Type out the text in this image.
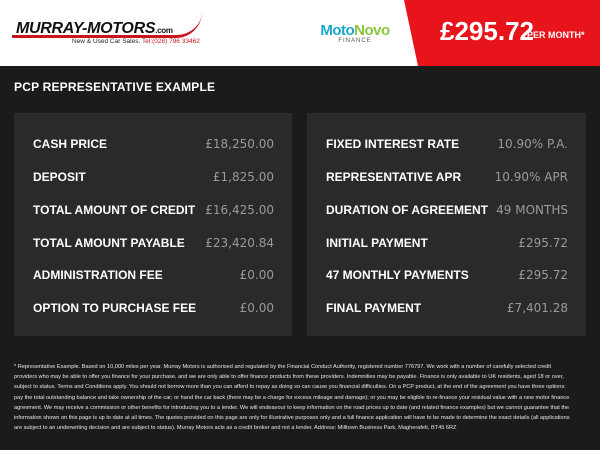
MURRAY-MOTORS.com
New & Used Car Sales. Tel:(028) 796 33462
MotoNovo
FINANCE	£295.72
PER MONTH*
PCP REPRESENTATIVE EXAMPLE
CASH PRICE	£18,250.00
DEPOSIT	£1,825.00
TOTAL AMOUNT OF CREDIT £16,425.00
TOTAL AMOUNT PAYABLE £23,420.84
ADMINISTRATION FEE	£0.00
OPTION TO PURCHASE FEE	£0.00
FIXED INTEREST RATE	10.90% P.A.
REPRESENTATIVE APR	10.90% APR
DURATION OF AGREEMENT 49 MONTHS
INITIAL PAYMENT	£295.72
47 MONTHLY PAYMENTS	£295.72
FINAL PAYMENT	£7,401.28
* Representative Example. Based on 10,000 miles per year. Murray Motors is authorised and regulated by the Financial Conduct Authority, registered number 776797. We work with a number of carefully selected credit providers who may be able to offer you finance for your purchase, and we are only able to offer finance products from these providers. Indemnities may be payable. Finance is only available to UK residents, aged 18 or over, subject to status. Terms and Conditions apply. You should not borrow more than you can afford to repay as doing so can cause you financial difficulties. On a PCP product, at the end of the agreement you have three options: pay the total outstanding balance and take ownership of the car; or hand the car back (there may be a charge for excess mileage and damage); or you may be eligible to re-finance your residual value with a new motor finance agreement. We may receive a commission or other benefits for introducing you to a lender. We will endeavour to keep information on the road prices up to date (and related finance examples) but we cannot guarantee that the information shown on this page is up to date at all times. The quotes provided on this page are only for illustrative purposes only and a full finance application will have to be made to determine the exact details (all applications are subject to an underwriting decision and are subject to status). Murray Motors acts as a credit broker and not a lender. Address: Milltown Business Park, Magherafelt, BT45 6RZ
